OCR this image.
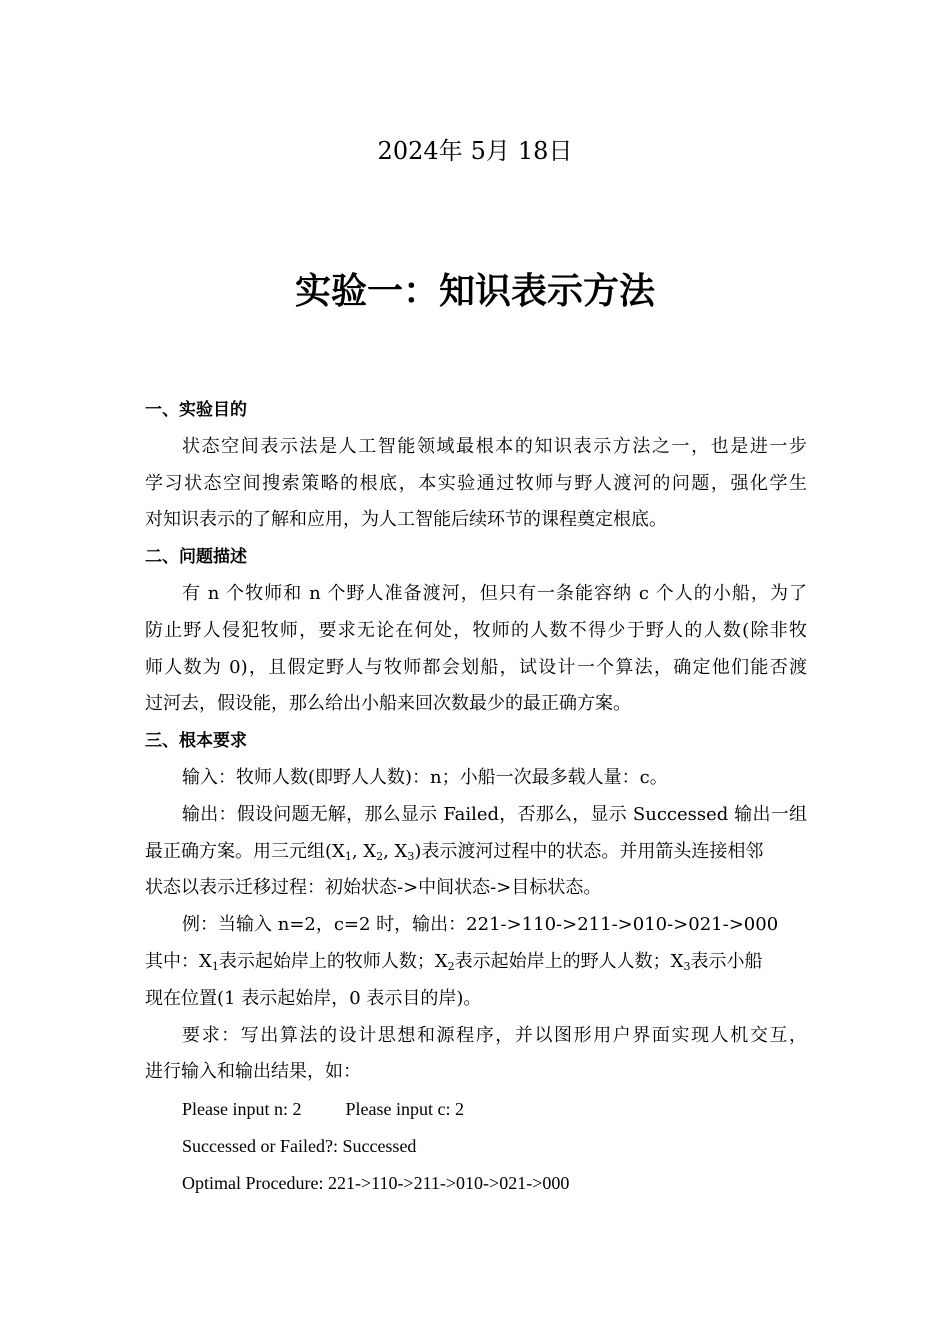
2024年 5月 18日
实验一：知识表示方法
一、实验目的
状态空间表示法是人工智能领域最根本的知识表示方法之一，也是进一步
学习状态空间搜索策略的根底，本实验通过牧师与野人渡河的问题，强化学生
对知识表示的了解和应用，为人工智能后续环节的课程奠定根底。
二、问题描述
有 n 个牧师和 n 个野人准备渡河，但只有一条能容纳 c 个人的小船，为了
防止野人侵犯牧师，要求无论在何处，牧师的人数不得少于野人的人数(除非牧
师人数为 0)，且假定野人与牧师都会划船，试设计一个算法，确定他们能否渡
过河去，假设能，那么给出小船来回次数最少的最正确方案。
三、根本要求
输入：牧师人数(即野人人数)：n；小船一次最多载人量：c。
输出：假设问题无解，那么显示 Failed，否那么，显示 Successed 输出一组
最正确方案。用三元组($X_1$, $X_2$, $X_3$)表示渡河过程中的状态。并用箭头连接相邻
状态以表示迁移过程：初始状态->中间状态->目标状态。
例：当输入 n=2，c=2 时，输出：221->110->211->010->021->000
其中：$X_1$表示起始岸上的牧师人数；$X_2$表示起始岸上的野人人数；$X_3$表示小船
现在位置(1 表示起始岸，0 表示目的岸)。
要求：写出算法的设计思想和源程序，并以图形用户界面实现人机交互，
进行输入和输出结果，如：
Please input n: 2 Please input c: 2
Successed or Failed?: Successed
Optimal Procedure: 221->110->211->010->021->000
